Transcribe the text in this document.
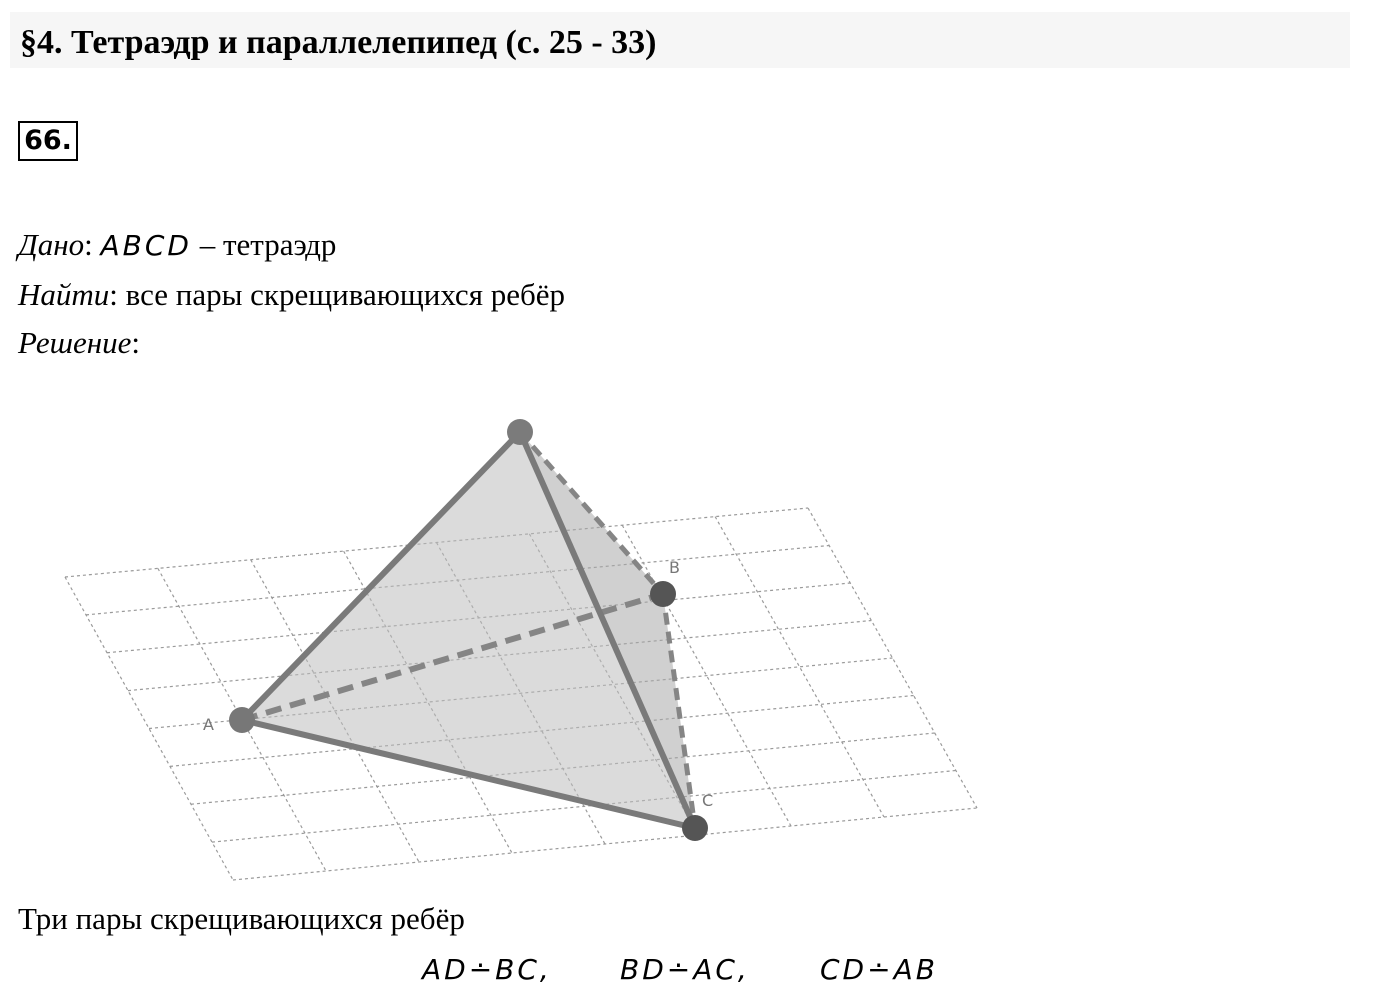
§4. Тетраэдр и параллелепипед (с. 25 - 33)
66.
Дано: ABCD – тетраэдр
Найти: все пары скрещивающихся ребёр
Решение:
A
B
C
Три пары скрещивающихся ребёр
AD∸BC, BD∸AC,	CD∸AB
